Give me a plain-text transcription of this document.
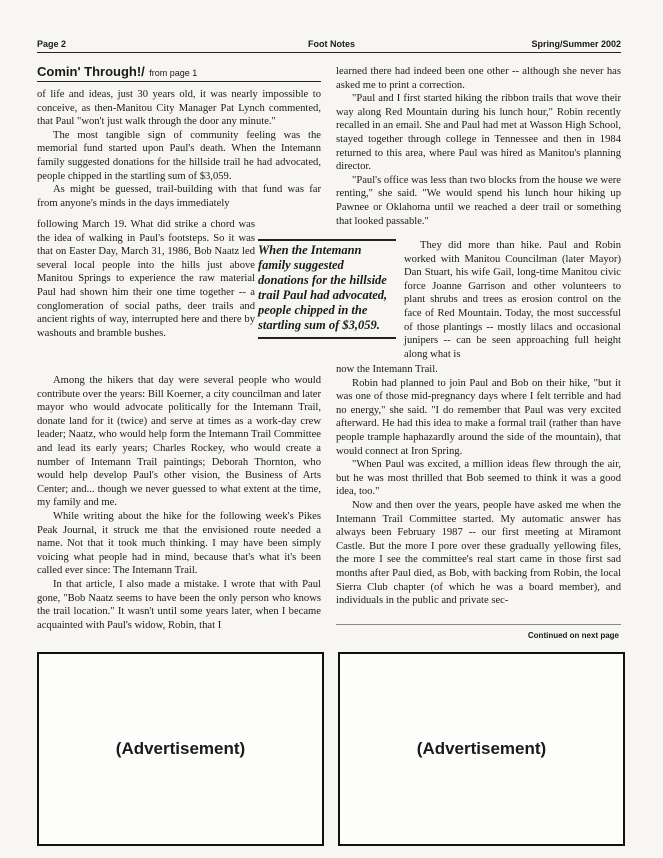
Foot Notes
Page 2	Spring/Summer 2002
Comin' Through!/ from page 1

of life and ideas, just 30 years old, it was nearly impossible to conceive, as then-Manitou City Manager Pat Lynch commented, that Paul "won't just walk through the door any minute."

The most tangible sign of community feeling was the memorial fund started upon Paul's death. When the Intemann family suggested donations for the hillside trail he had advocated, people chipped in the startling sum of $3,059.

As might be guessed, trail-building with that fund was far from anyone's minds in the days immediately

following March 19. What did strike a chord was the idea of walking in Paul's footsteps. So it was that on Easter Day, March 31, 1986, Bob Naatz led several local people into the hills just above Manitou Springs to experience the raw material Paul had shown him their one time together -- a conglomeration of social paths, deer trails and ancient rights of way, interrupted here and there by washouts and bramble bushes.

When the Intemann family suggested donations for the hillside trail Paul had advocated, people chipped in the startling sum of $3,059.

Among the hikers that day were several people who would contribute over the years: Bill Koerner, a city councilman and later mayor who would advocate politically for the Intemann Trail, donate land for it (twice) and serve at times as a work-day crew leader; Naatz, who would help form the Intemann Trail Committee and lead its early years; Charles Rockey, who would create a number of Intemann Trail paintings; Deborah Thornton, who would help develop Paul's other vision, the Business of Arts Center; and... though we never guessed to what extent at the time, my family and me.

While writing about the hike for the following week's Pikes Peak Journal, it struck me that the envisioned route needed a name. Not that it took much thinking. I may have been simply voicing what people had in mind, because that's what it's been called ever since: The Intemann Trail.

In that article, I also made a mistake. I wrote that with Paul gone, "Bob Naatz seems to have been the only person who knows the trail location." It wasn't until some years later, when I became acquainted with Paul's widow, Robin, that I

learned there had indeed been one other -- although she never has asked me to print a correction.

"Paul and I first started hiking the ribbon trails that wove their way along Red Mountain during his lunch hour," Robin recently recalled in an email. She and Paul had met at Wasson High School, stayed together through college in Tennessee and then in 1984 returned to this area, where Paul was hired as Manitou's planning director.

"Paul's office was less than two blocks from the house we were renting," she said. "We would spend his lunch hour hiking up Pawnee or Oklahoma until we reached a deer trail or something that looked passable."

They did more than hike. Paul and Robin worked with Manitou Councilman (later Mayor) Dan Stuart, his wife Gail, long-time Manitou civic force Joanne Garrison and other volunteers to plant shrubs and trees as erosion control on the face of Red Mountain. Today, the most successful of those plantings -- mostly lilacs and occasional junipers -- can be seen approaching full height along what is

now the Intemann Trail.

Robin had planned to join Paul and Bob on their hike, "but it was one of those mid-pregnancy days where I felt terrible and had no energy," she said. "I do remember that Paul was very excited afterward. He had this idea to make a formal trail (rather than have people trample haphazardly around the side of the mountain), that would connect at Iron Spring.

"When Paul was excited, a million ideas flew through the air, but he was most thrilled that Bob seemed to think it was a good idea, too."

Now and then over the years, people have asked me when the Intemann Trail Committee started. My automatic answer has always been February 1987 -- our first meeting at Miramont Castle. But the more I pore over these gradually yellowing files, the more I see the committee's real start came in those first sad months after Paul died, as Bob, with backing from Robin, the local Sierra Club chapter (of which he was a board member), and individuals in the public and private sec-

Continued on next page
(Advertisement)	(Advertisement)
